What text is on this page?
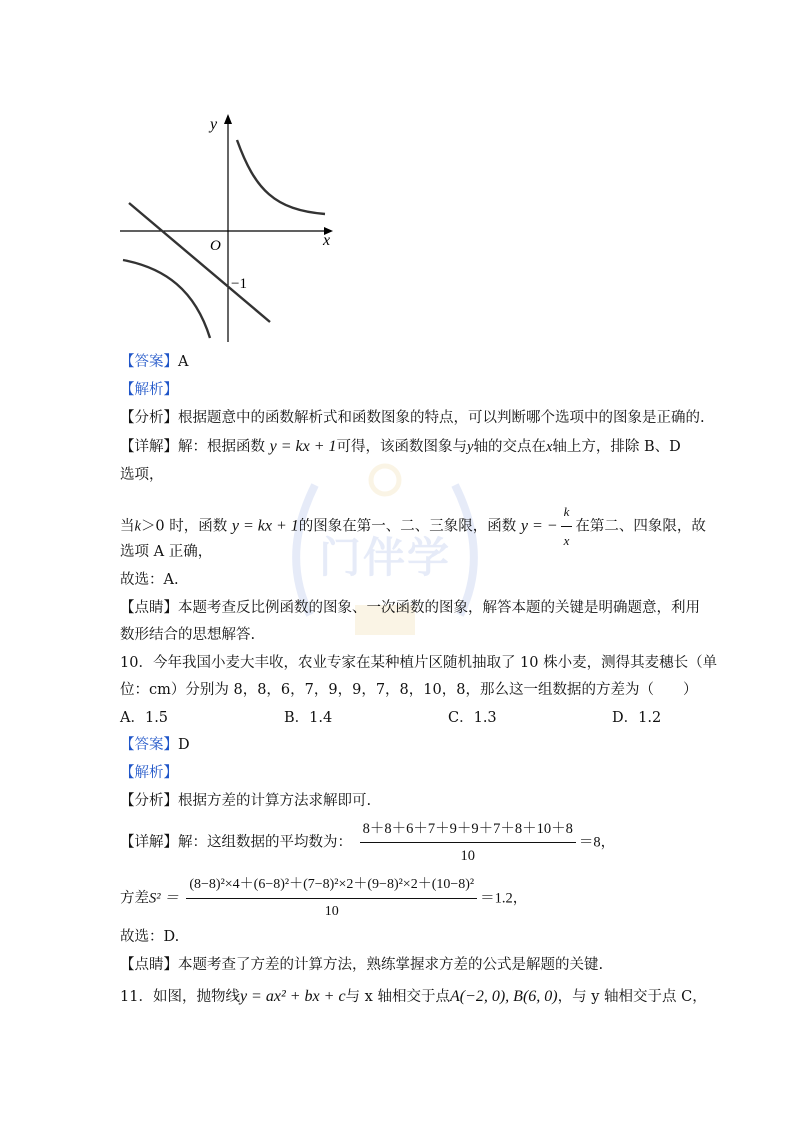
门伴学
y
x
O
−1
【答案】A
【解析】
【分析】根据题意中的函数解析式和函数图象的特点，可以判断哪个选项中的图象是正确的.
【详解】解：根据函数 y = kx + 1可得，该函数图象与y轴的交点在x轴上方，排除 B、D
选项，
当k＞0 时，函数 y = kx + 1的图象在第一、二、三象限，函数 y = − $\frac{k}{x}$ 在第二、四象限，故
选项 A 正确，
故选：A.
【点睛】本题考查反比例函数的图象、一次函数的图象，解答本题的关键是明确题意，利用
数形结合的思想解答.
10．今年我国小麦大丰收，农业专家在某种植片区随机抽取了 10 株小麦，测得其麦穗长（单
位：cm）分别为 8，8，6，7，9，9，7，8，10，8，那么这一组数据的方差为（　　）
A．1.5	B．1.4	C．1.3	D．1.2
【答案】D
【解析】
【分析】根据方差的计算方法求解即可.
【详解】解：这组数据的平均数为： $\frac{8+8+6+7+9+9+7+8+10+8}{10} =8$，
方差$S^2 = \frac{\text{(8−8)²×4＋(6−8)²＋(7−8)²×2＋(9−8)²×2＋(10−8)²}}{10} =1.2$，
故选：D.
【点睛】本题考查了方差的计算方法，熟练掌握求方差的公式是解题的关键.
11．如图，抛物线y = ax² + bx + c与 x 轴相交于点A(−2, 0), B(6, 0)，与 y 轴相交于点 C，
